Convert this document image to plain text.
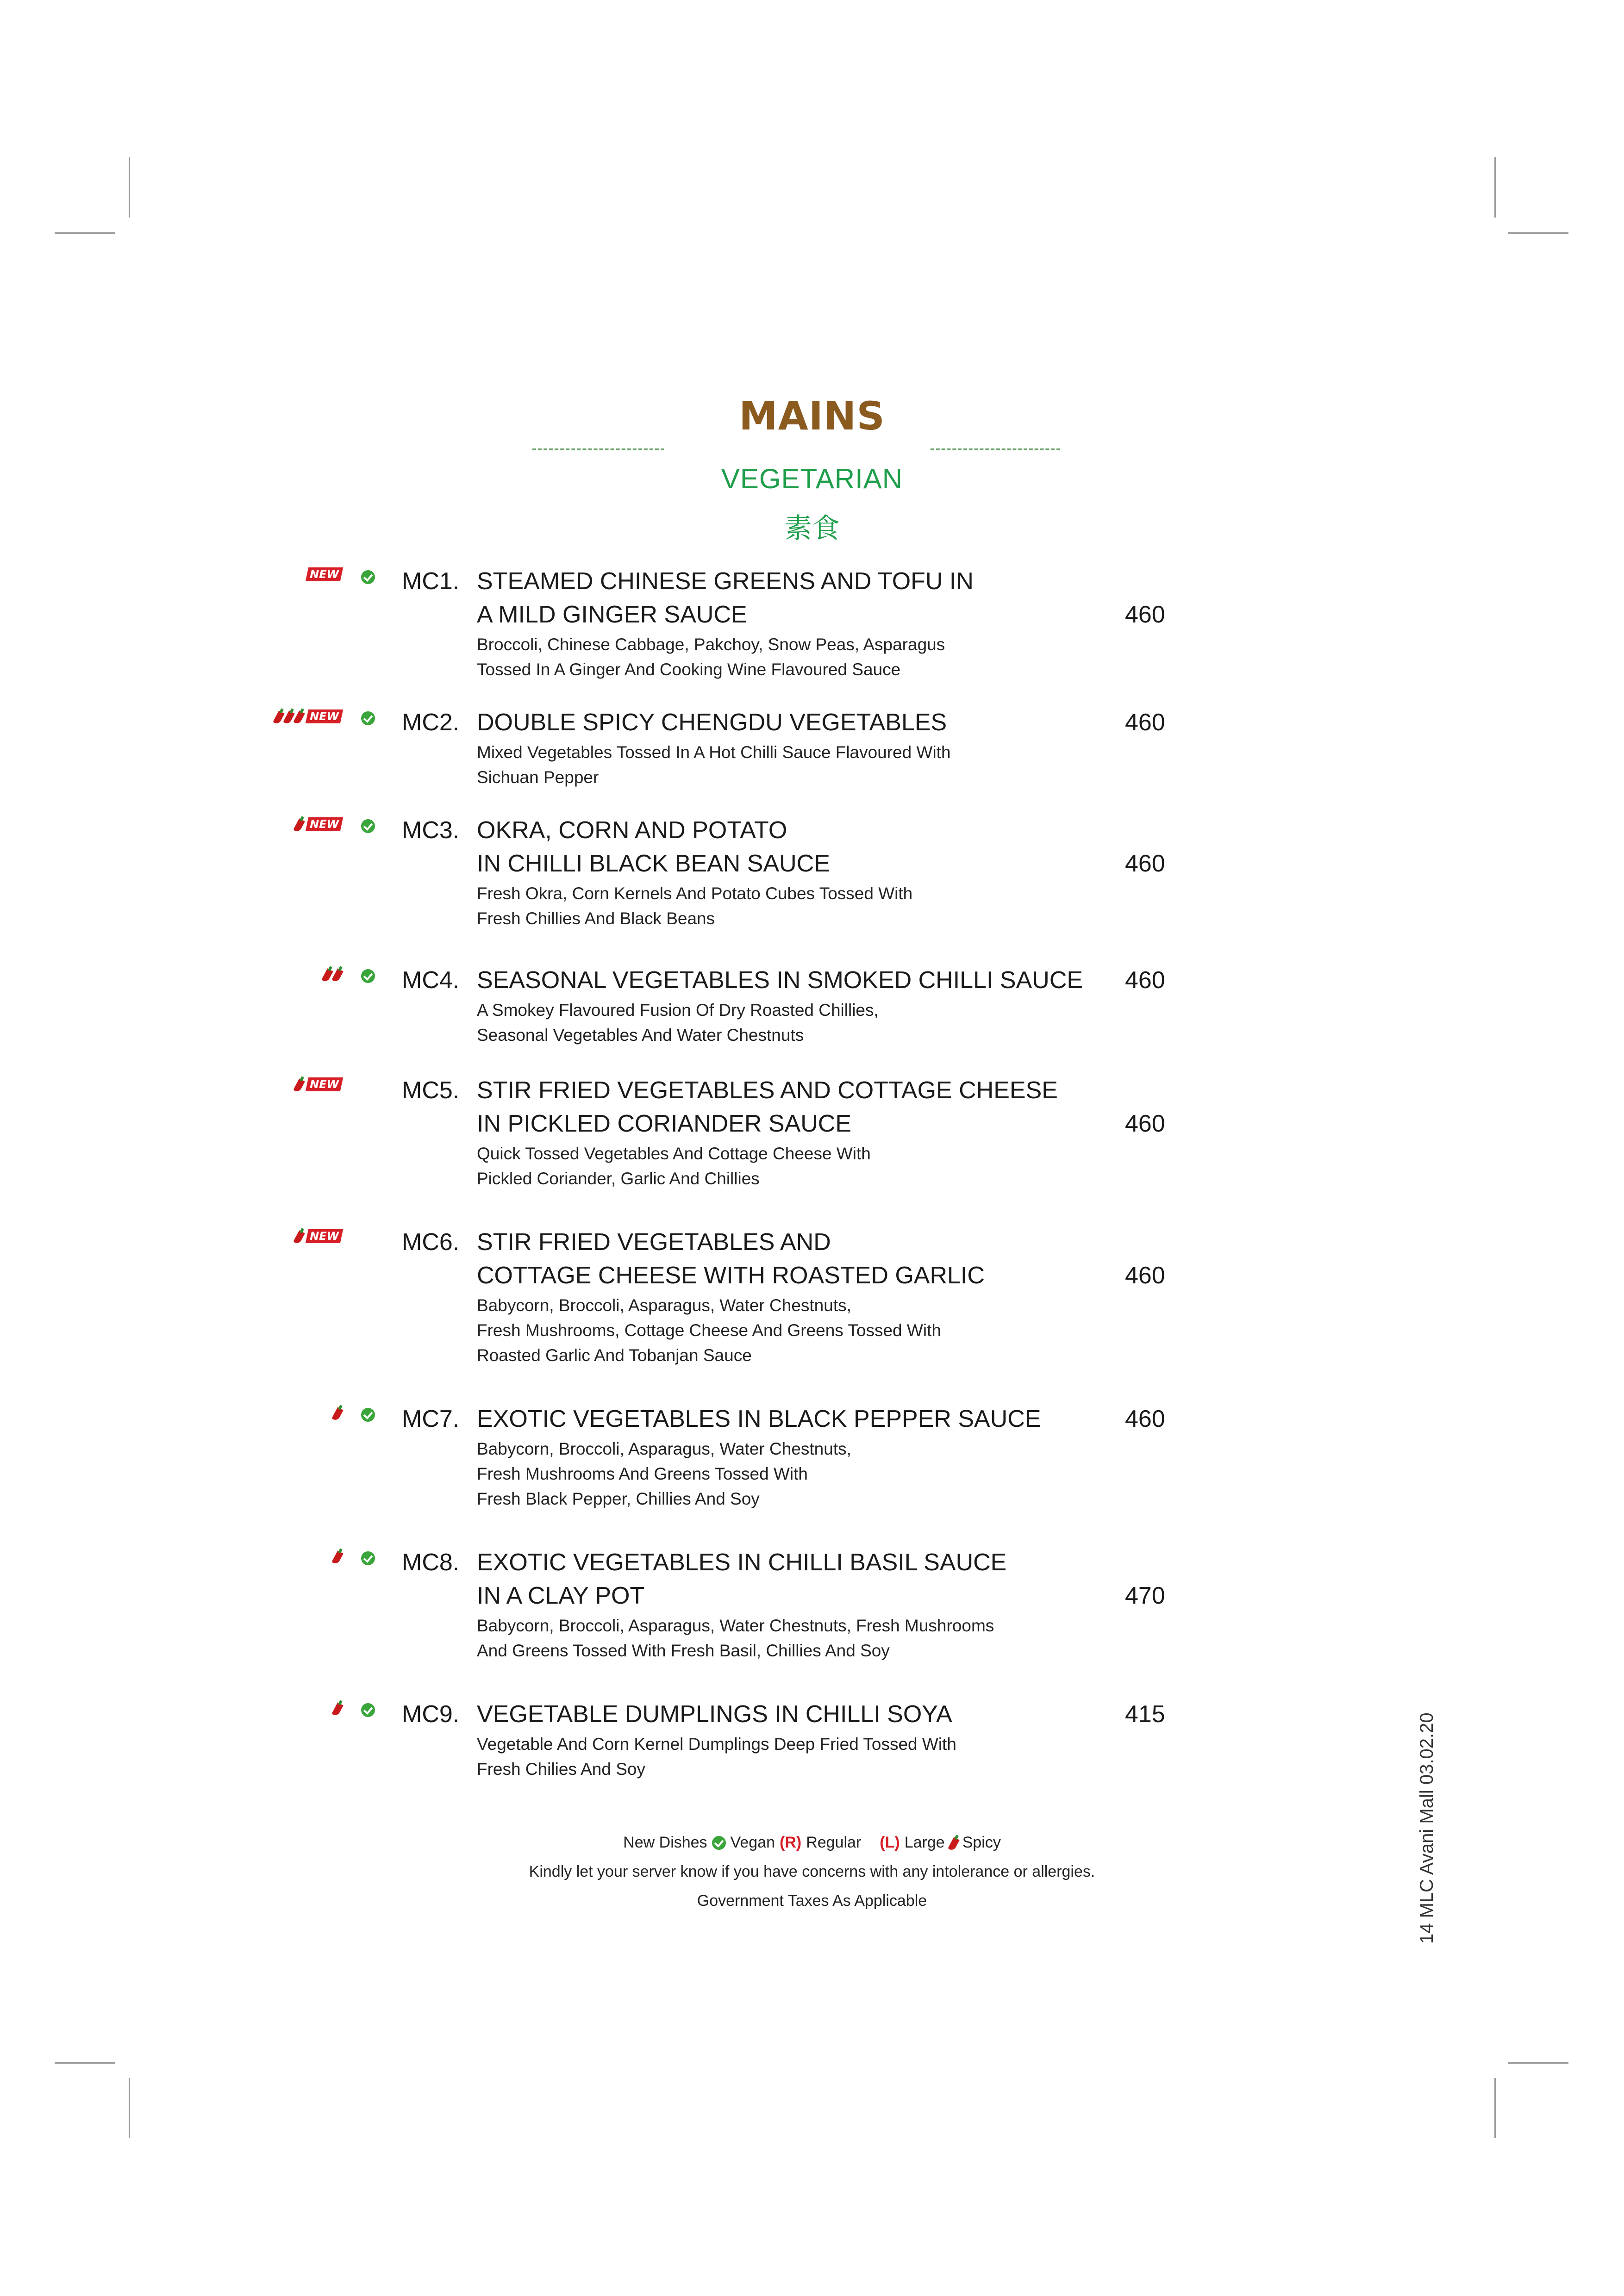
MAINS
VEGETARIAN
素食
NEW	MC1. STEAMED CHINESE GREENS AND TOFU IN
A MILD GINGER SAUCE	460
Broccoli, Chinese Cabbage, Pakchoy, Snow Peas, Asparagus
Tossed In A Ginger And Cooking Wine Flavoured Sauce
NEW	MC2. DOUBLE SPICY CHENGDU VEGETABLES	460
Mixed Vegetables Tossed In A Hot Chilli Sauce Flavoured With
Sichuan Pepper
NEW	MC3. OKRA, CORN AND POTATO
IN CHILLI BLACK BEAN SAUCE	460
Fresh Okra, Corn Kernels And Potato Cubes Tossed With
Fresh Chillies And Black Beans
MC4. SEASONAL VEGETABLES IN SMOKED CHILLI SAUCE 460
A Smokey Flavoured Fusion Of Dry Roasted Chillies,
Seasonal Vegetables And Water Chestnuts
NEW	MC5. STIR FRIED VEGETABLES AND COTTAGE CHEESE
IN PICKLED CORIANDER SAUCE	460
Quick Tossed Vegetables And Cottage Cheese With
Pickled Coriander, Garlic And Chillies
NEW	MC6. STIR FRIED VEGETABLES AND
COTTAGE CHEESE WITH ROASTED GARLIC	460
Babycorn, Broccoli, Asparagus, Water Chestnuts,
Fresh Mushrooms, Cottage Cheese And Greens Tossed With
Roasted Garlic And Tobanjan Sauce
MC7. EXOTIC VEGETABLES IN BLACK PEPPER SAUCE	460
Babycorn, Broccoli, Asparagus, Water Chestnuts,
Fresh Mushrooms And Greens Tossed With
Fresh Black Pepper, Chillies And Soy
MC8. EXOTIC VEGETABLES IN CHILLI BASIL SAUCE
IN A CLAY POT	470
Babycorn, Broccoli, Asparagus, Water Chestnuts, Fresh Mushrooms
And Greens Tossed With Fresh Basil, Chillies And Soy
MC9. VEGETABLE DUMPLINGS IN CHILLI SOYA	415
Vegetable And Corn Kernel Dumplings Deep Fried Tossed With
Fresh Chilies And Soy
New Dishes Vegan (R) Regular (L) Large Spicy
Kindly let your server know if you have concerns with any intolerance or allergies.
Government Taxes As Applicable	14 MLC Avani Mall 03.02.20
